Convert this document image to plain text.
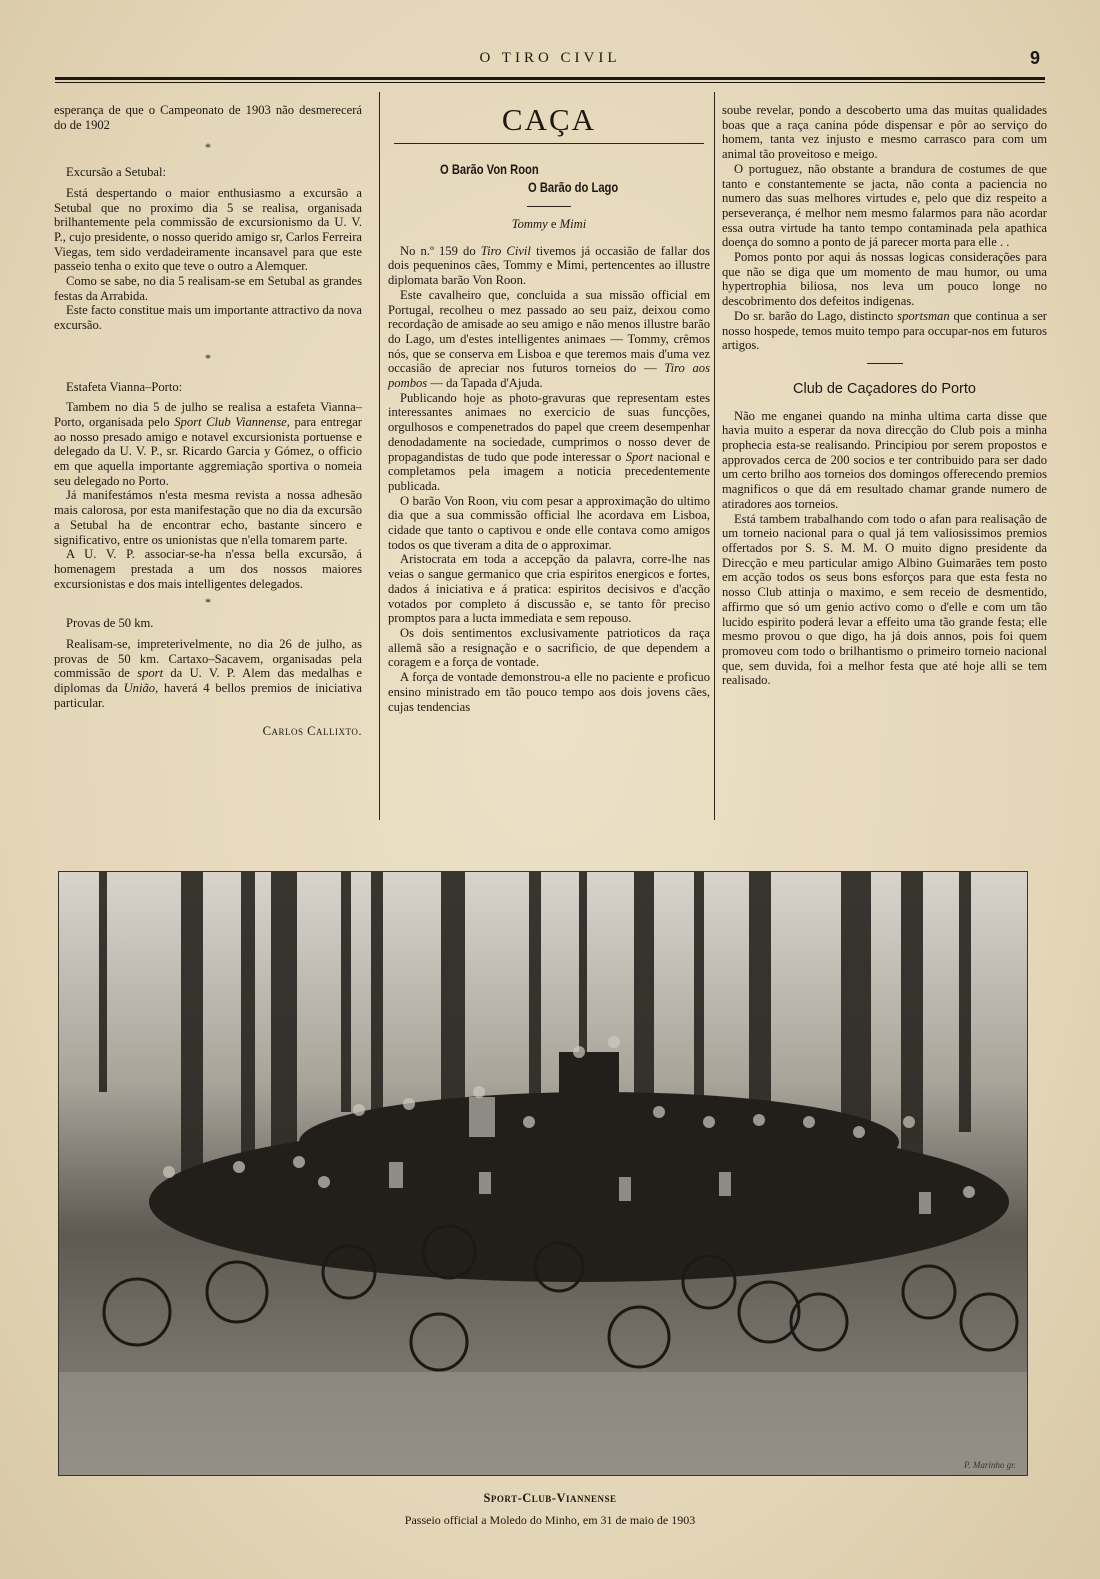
O TIRO CIVIL	9

esperança de que o Campeonato de 1903 não desmerecerá do de 1902

*
Excursão a Setubal:

Está despertando o maior enthusiasmo a excursão a Setubal que no proximo dia 5 se realisa, organisada brilhantemente pela commissão de excursionismo da U. V. P., cujo presidente, o nosso querido amigo sr, Carlos Ferreira Viegas, tem sido verdadeiramente incansavel para que este passeio tenha o exito que teve o outro a Alemquer.

Como se sabe, no dia 5 realisam-se em Setubal as grandes festas da Arrabida.

Este facto constitue mais um importante attractivo da nova excursão.

*
Estafeta Vianna–Porto:

Tambem no dia 5 de julho se realisa a estafeta Vianna–Porto, organisada pelo Sport Club Viannense, para entregar ao nosso presado amigo e notavel excursionista portuense e delegado da U. V. P., sr. Ricardo Garcia y Gómez, o officio em que aquella importante aggremiação sportiva o nomeia seu delegado no Porto.

Já manifestámos n'esta mesma revista a nossa adhesão mais calorosa, por esta manifestação que no dia da excursão a Setubal ha de encontrar echo, bastante sincero e significativo, entre os unionistas que n'ella tomarem parte.

A U. V. P. associar-se-ha n'essa bella excursão, á homenagem prestada a um dos nossos maiores excursionistas e dos mais intelligentes delegados.

*
Provas de 50 km.

Realisam-se, impreterivelmente, no dia 26 de julho, as provas de 50 km. Cartaxo–Sacavem, organisadas pela commissão de sport da U. V. P. Alem das medalhas e diplomas da União, haverá 4 bellos premios de iniciativa particular.

Carlos Callixto.
CAÇA
O Barão Von Roon
O Barão do Lago
Tommy e Mimi

No n.º 159 do Tiro Civil tivemos já occasião de fallar dos dois pequeninos cães, Tommy e Mimi, pertencentes ao illustre diplomata barão Von Roon.

Este cavalheiro que, concluida a sua missão official em Portugal, recolheu o mez passado ao seu paiz, deixou como recordação de amisade ao seu amigo e não menos illustre barão do Lago, um d'estes intelligentes animaes — Tommy, crêmos nós, que se conserva em Lisboa e que teremos mais d'uma vez occasião de apreciar nos futuros torneios do — Tiro aos pombos — da Tapada d'Ajuda.

Publicando hoje as photo-gravuras que representam estes interessantes animaes no exercicio de suas funcções, orgulhosos e compenetrados do papel que creem desempenhar denodadamente na sociedade, cumprimos o nosso dever de propagandistas de tudo que pode interessar o Sport nacional e completamos pela imagem a noticia precedentemente publicada.

O barão Von Roon, viu com pesar a approximação do ultimo dia que a sua commissão official lhe acordava em Lisboa, cidade que tanto o captivou e onde elle contava como amigos todos os que tiveram a dita de o approximar.

Aristocrata em toda a accepção da palavra, corre-lhe nas veias o sangue germanico que cria espiritos energicos e fortes, dados á iniciativa e á pratica: espiritos decisivos e d'acção votados por completo á discussão e, se tanto fôr preciso promptos para a lucta immediata e sem repouso.

Os dois sentimentos exclusivamente patrioticos da raça allemã são a resignação e o sacrificio, de que dependem a coragem e a força de vontade.

A força de vontade demonstrou-a elle no paciente e proficuo ensino ministrado em tão pouco tempo aos dois jovens cães, cujas tendencias

soube revelar, pondo a descoberto uma das muitas qualidades boas que a raça canina póde dispensar e pôr ao serviço do homem, tanta vez injusto e mesmo carrasco para com um animal tão proveitoso e meigo.

O portuguez, não obstante a brandura de costumes de que tanto e constantemente se jacta, não conta a paciencia no numero das suas melhores virtudes e, pelo que diz respeito a perseverança, é melhor nem mesmo falarmos para não acordar essa outra virtude ha tanto tempo contaminada pela apathica doença do somno a ponto de já parecer morta para elle . .

Pomos ponto por aqui ás nossas logicas considerações para que não se diga que um momento de mau humor, ou uma hypertrophia biliosa, nos leva um pouco longe no descobrimento dos defeitos indigenas.

Do sr. barão do Lago, distincto sportsman que continua a ser nosso hospede, temos muito tempo para occupar-nos em futuros artigos.

Club de Caçadores do Porto

Não me enganei quando na minha ultima carta disse que havia muito a esperar da nova direcção do Club pois a minha prophecia esta-se realisando. Principiou por serem propostos e approvados cerca de 200 socios e ter contribuido para ser dado um certo brilho aos torneios dos domingos offerecendo premios magnificos o que dá em resultado chamar grande numero de atiradores aos torneios.

Está tambem trabalhando com todo o afan para realisação de um torneio nacional para o qual já tem valiosissimos premios offertados por S. S. M. M. O muito digno presidente da Direcção e meu particular amigo Albino Guimarães tem posto em acção todos os seus bons esforços para que esta festa no nosso Club attinja o maximo, e sem receio de desmentido, affirmo que só um genio activo como o d'elle e com um tão lucido espirito poderá levar a effeito uma tão grande festa; elle mesmo provou o que digo, ha já dois annos, pois foi quem promoveu com todo o brilhantismo o primeiro torneio nacional que, sem duvida, foi a melhor festa que até hoje alli se tem realisado.

P. Marinho gr.
Sport-Club-Viannense
Passeio official a Moledo do Minho, em 31 de maio de 1903
